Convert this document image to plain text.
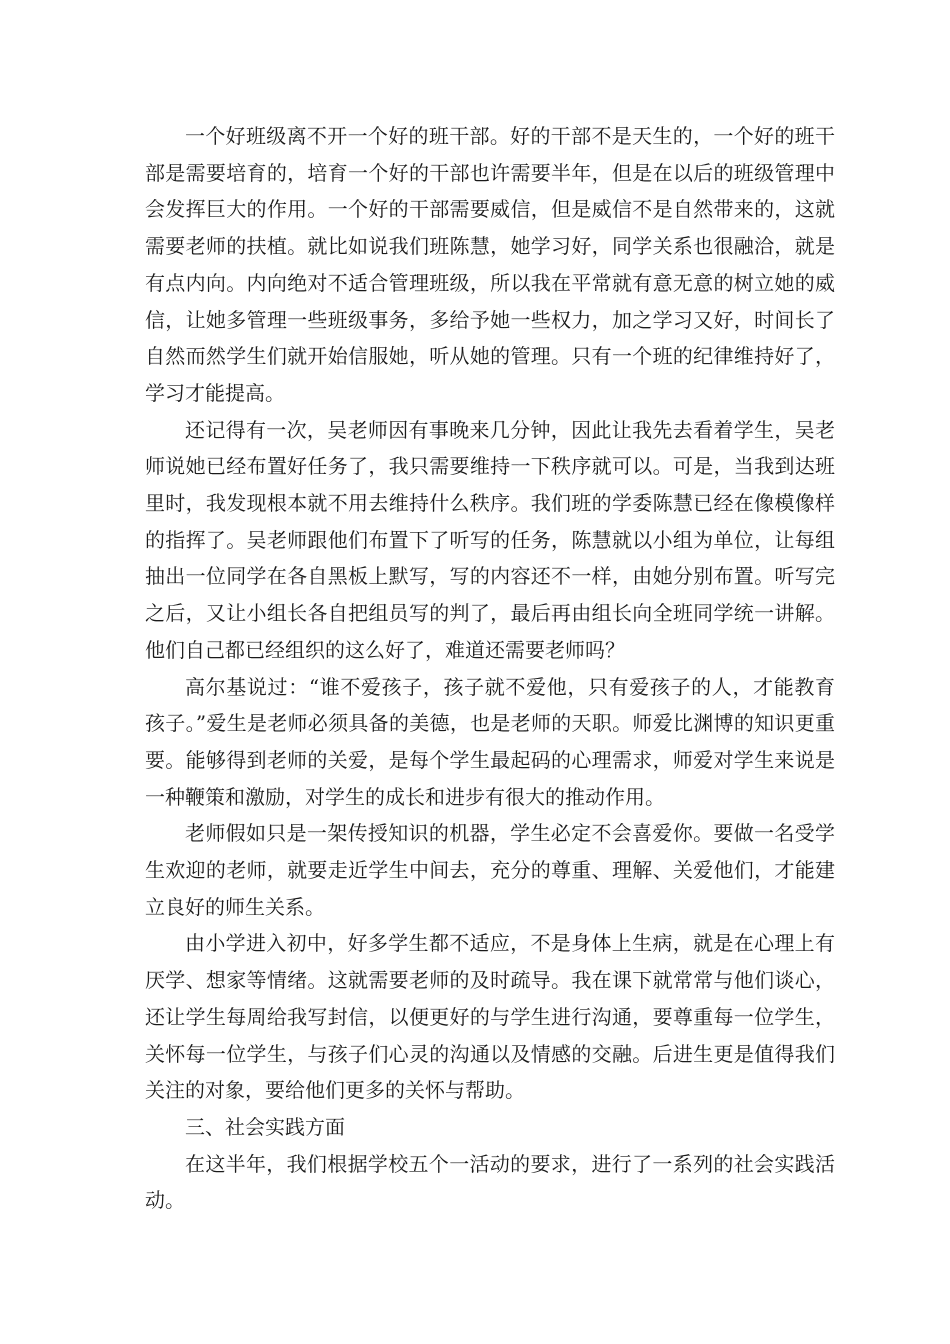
一个好班级离不开一个好的班干部。好的干部不是天生的，一个好的班干部是需要培育的，培育一个好的干部也许需要半年，但是在以后的班级管理中会发挥巨大的作用。一个好的干部需要威信，但是威信不是自然带来的，这就需要老师的扶植。就比如说我们班陈慧，她学习好，同学关系也很融洽，就是有点内向。内向绝对不适合管理班级，所以我在平常就有意无意的树立她的威信，让她多管理一些班级事务，多给予她一些权力，加之学习又好，时间长了自然而然学生们就开始信服她，听从她的管理。只有一个班的纪律维持好了，学习才能提高。

还记得有一次，吴老师因有事晚来几分钟，因此让我先去看着学生，吴老师说她已经布置好任务了，我只需要维持一下秩序就可以。可是，当我到达班里时，我发现根本就不用去维持什么秩序。我们班的学委陈慧已经在像模像样的指挥了。吴老师跟他们布置下了听写的任务，陈慧就以小组为单位，让每组抽出一位同学在各自黑板上默写，写的内容还不一样，由她分别布置。听写完之后，又让小组长各自把组员写的判了，最后再由组长向全班同学统一讲解。他们自己都已经组织的这么好了，难道还需要老师吗？

高尔基说过：“谁不爱孩子，孩子就不爱他，只有爱孩子的人，才能教育孩子。”爱生是老师必须具备的美德，也是老师的天职。师爱比渊博的知识更重要。能够得到老师的关爱，是每个学生最起码的心理需求，师爱对学生来说是一种鞭策和激励，对学生的成长和进步有很大的推动作用。

老师假如只是一架传授知识的机器，学生必定不会喜爱你。要做一名受学生欢迎的老师，就要走近学生中间去，充分的尊重、理解、关爱他们，才能建立良好的师生关系。

由小学进入初中，好多学生都不适应，不是身体上生病，就是在心理上有厌学、想家等情绪。这就需要老师的及时疏导。我在课下就常常与他们谈心，还让学生每周给我写封信，以便更好的与学生进行沟通，要尊重每一位学生，关怀每一位学生，与孩子们心灵的沟通以及情感的交融。后进生更是值得我们关注的对象，要给他们更多的关怀与帮助。

三、社会实践方面

在这半年，我们根据学校五个一活动的要求，进行了一系列的社会实践活动。
